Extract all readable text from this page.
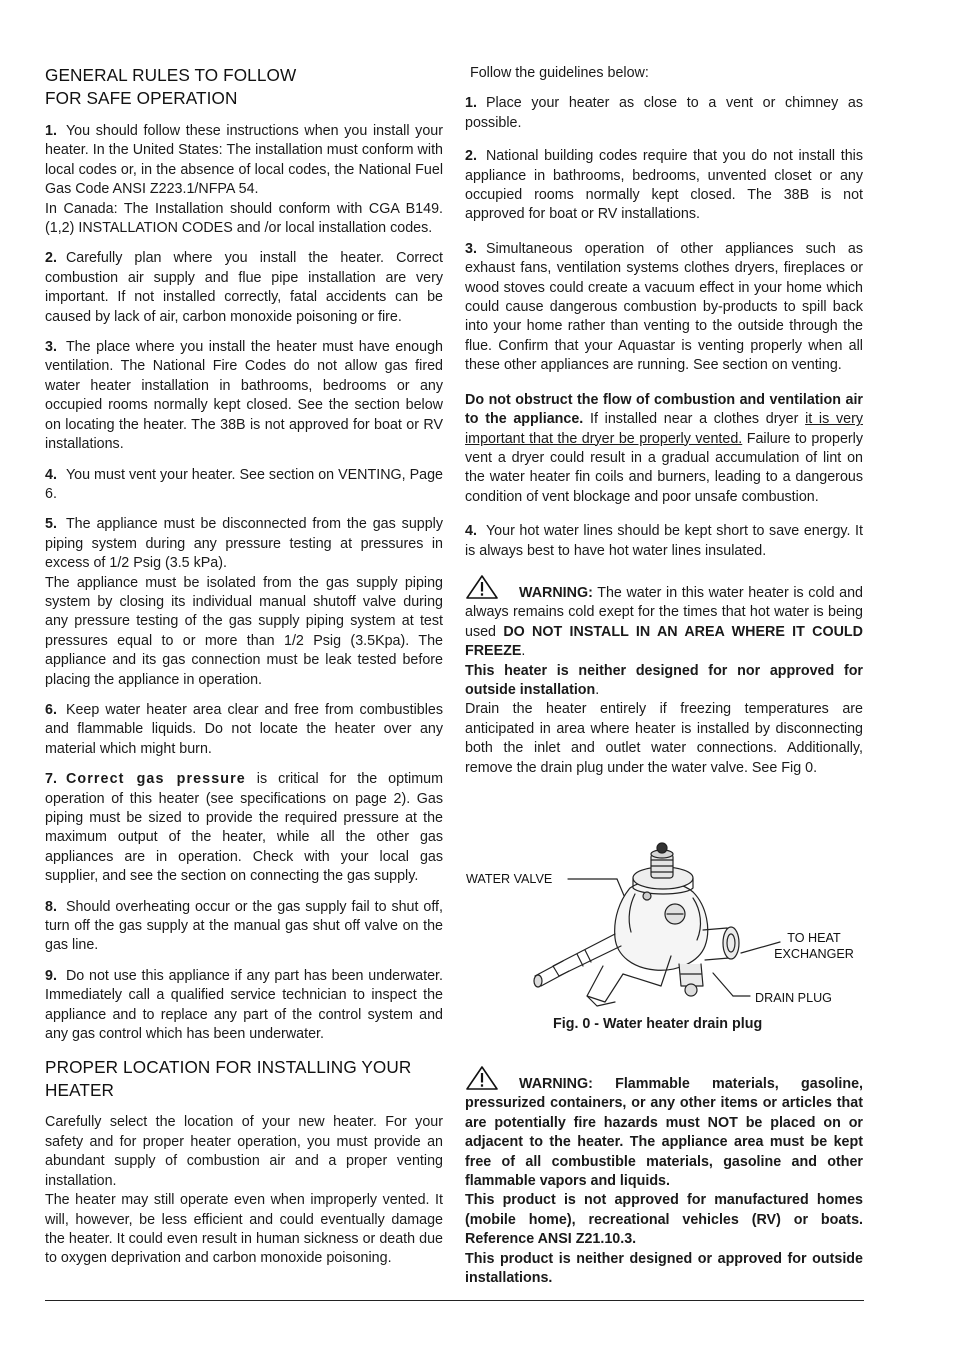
GENERAL RULES TO FOLLOW
FOR SAFE OPERATION

1. You should follow these instructions when you install your heater. In the United States: The installation must conform with local codes or, in the absence of local codes, the National Fuel Gas Code ANSI Z223.1/NFPA 54.

In Canada: The Installation should conform with CGA B149.(1,2) INSTALLATION CODES and /or local installation codes.

2. Carefully plan where you install the heater. Correct combustion air supply and flue pipe installation are very important. If not installed correctly, fatal accidents can be caused by lack of air, carbon monoxide poisoning or fire.

3. The place where you install the heater must have enough ventilation. The National Fire Codes do not allow gas fired water heater installation in bathrooms, bedrooms or any occupied rooms normally kept closed. See the section below on locating the heater. The 38B is not approved for boat or RV installations.

4. You must vent your heater. See section on VENTING, Page 6.

5. The appliance must be disconnected from the gas supply piping system during any pressure testing at pressures in excess of 1/2 Psig (3.5 kPa).

The appliance must be isolated from the gas supply piping system by closing its individual manual shutoff valve during any pressure testing of the gas supply piping system at test pressures equal to or more than 1/2 Psig (3.5Kpa). The appliance and its gas connection must be leak tested before placing the appliance in operation.

6. Keep water heater area clear and free from combustibles and flammable liquids. Do not locate the heater over any material which might burn.

7. Correct gas pressure is critical for the optimum operation of this heater (see specifications on page 2). Gas piping must be sized to provide the required pressure at the maximum output of the heater, while all the other gas appliances are in operation. Check with your local gas supplier, and see the section on connecting the gas supply.

8. Should overheating occur or the gas supply fail to shut off, turn off the gas supply at the manual gas shut off valve on the gas line.

9. Do not use this appliance if any part has been underwater. Immediately call a qualified service technician to inspect the appliance and to replace any part of the control system and any gas control which has been underwater.

PROPER LOCATION FOR INSTALLING YOUR
HEATER

Carefully select the location of your new heater. For your safety and for proper heater operation, you must provide an abundant supply of combustion air and a proper venting installation.

The heater may still operate even when improperly vented. It will, however, be less efficient and could eventually damage the heater. It could even result in human sickness or death due to oxygen deprivation and carbon monoxide poisoning.

Follow the guidelines below:

1. Place your heater as close to a vent or chimney as possible.

2. National building codes require that you do not install this appliance in bathrooms, bedrooms, unvented closet or any occupied rooms normally kept closed. The 38B is not approved for boat or RV installations.

3. Simultaneous operation of other appliances such as exhaust fans, ventilation systems clothes dryers, fireplaces or wood stoves could create a vacuum effect in your home which could cause dangerous combustion by-products to spill back into your home rather than venting to the outside through the flue. Confirm that your Aquastar is venting properly when all these other appliances are running. See section on venting.

Do not obstruct the flow of combustion and ventilation air to the appliance. If installed near a clothes dryer it is very important that the dryer be properly vented. Failure to properly vent a dryer could result in a gradual accumulation of lint on the water heater fin coils and burners, leading to a dangerous condition of vent blockage and poor unsafe combustion.

4. Your hot water lines should be kept short to save energy. It is always best to have hot water lines insulated.

WARNING: The water in this water heater is cold and always remains cold exept for the times that hot water is being used DO NOT INSTALL IN AN AREA WHERE IT COULD FREEZE.

This heater is neither designed for nor approved for outside installation.

Drain the heater entirely if freezing temperatures are anticipated in area where heater is installed by disconnecting both the inlet and outlet water connections. Additionally, remove the drain plug under the water valve. See Fig 0.

WATER VALVE
TO HEAT
EXCHANGER
DRAIN PLUG
Fig. 0 - Water heater drain plug

WARNING: Flammable materials, gasoline, pressurized containers, or any other items or articles that are potentially fire hazards must NOT be placed on or adjacent to the heater. The appliance area must be kept free of all combustible materials, gasoline and other flammable vapors and liquids.

This product is not approved for manufactured homes (mobile home), recreational vehicles (RV) or boats. Reference ANSI Z21.10.3.

This product is neither designed or approved for outside installations.
